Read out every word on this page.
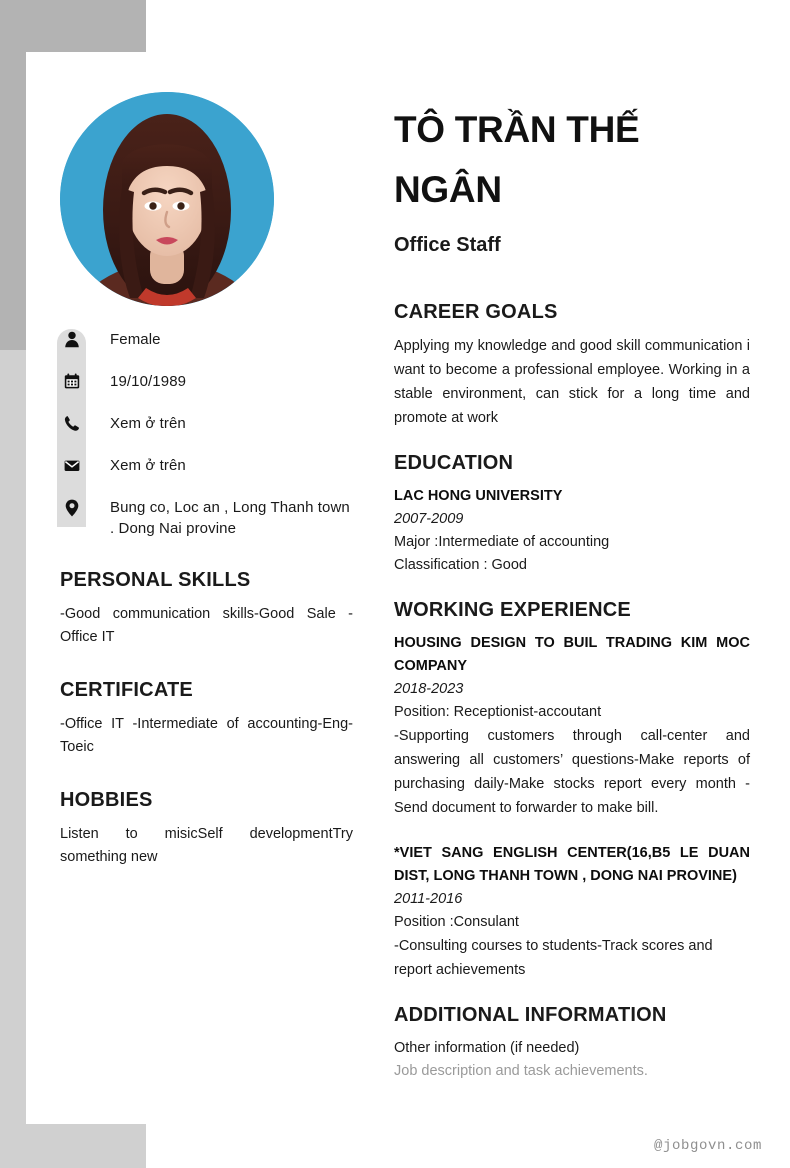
Female
19/10/1989
Xem ở trên
Xem ở trên
Bung co, Loc an , Long Thanh town . Dong Nai provine
PERSONAL SKILLS
-Good communication skills-Good Sale -Office IT
CERTIFICATE
-Office IT -Intermediate of accounting-Eng-Toeic
HOBBIES
Listen to misicSelf developmentTry something new
TÔ TRẦN THẾ NGÂN
Office Staff
CAREER GOALS

Applying my knowledge and good skill communication i want to become a professional employee. Working in a stable environment, can stick for a long time and promote at work

EDUCATION
LAC HONG UNIVERSITY
2007-2009
Major :Intermediate of accounting
Classification : Good
WORKING EXPERIENCE
HOUSING DESIGN TO BUIL TRADING KIM MOC COMPANY
2018-2023
Position: Receptionist-accoutant

-Supporting customers through call-center and answering all customers’ questions-Make reports of purchasing daily-Make stocks report every month -Send document to forwarder to make bill.

*VIET SANG ENGLISH CENTER(16,B5 LE DUAN DIST, LONG THANH TOWN , DONG NAI PROVINE)
2011-2016
Position :Consulant

-Consulting courses to students-Track scores and report achievements

ADDITIONAL INFORMATION
Other information (if needed)
Job description and task achievements.
@jobgovn.com
